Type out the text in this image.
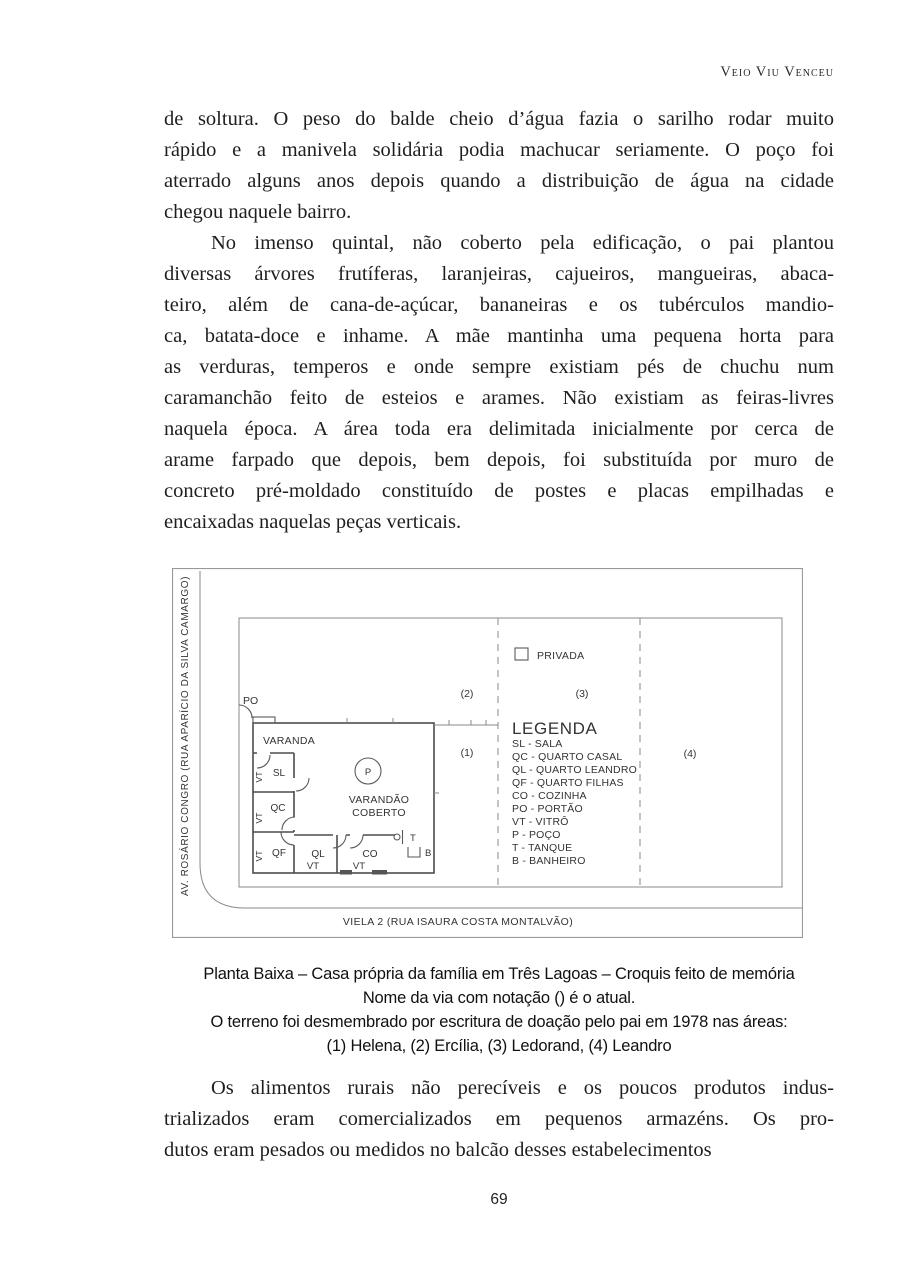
Veio Viu Venceu
de soltura. O peso do balde cheio d’água fazia o sarilho rodar muito
rápido e a manivela solidária podia machucar seriamente. O poço foi
aterrado alguns anos depois quando a distribuição de água na cidade
chegou naquele bairro.
No imenso quintal, não coberto pela edificação, o pai plantou
diversas árvores frutíferas, laranjeiras, cajueiros, mangueiras, abaca-
teiro, além de cana-de-açúcar, bananeiras e os tubérculos mandio-
ca, batata-doce e inhame. A mãe mantinha uma pequena horta para
as verduras, temperos e onde sempre existiam pés de chuchu num
caramanchão feito de esteios e arames. Não existiam as feiras-livres
naquela época. A área toda era delimitada inicialmente por cerca de
arame farpado que depois, bem depois, foi substituída por muro de
concreto pré-moldado constituído de postes e placas empilhadas e
encaixadas naquelas peças verticais.
AV. ROSÁRIO CONGRO (RUA APARÍCIO DA SILVA CAMARGO)
VIELA 2 (RUA ISAURA COSTA MONTALVÃO)
(2)	(3)
(1)	(4)
PRIVADA
LEGENDA
SL - SALA
QC - QUARTO CASAL
QL - QUARTO LEANDRO
QF - QUARTO FILHAS
CO - COZINHA
PO - PORTÃO
VT - VITRÔ
P - POÇO
T - TANQUE
B - BANHEIRO
PO
P
T
B
VARANDA
VARANDÃO
COBERTO
SL
QC
QF	QL	CO
VT
VT
VT
VT	VT
Planta Baixa – Casa própria da família em Três Lagoas – Croquis feito de memória
Nome da via com notação () é o atual.
O terreno foi desmembrado por escritura de doação pelo pai em 1978 nas áreas:
(1) Helena, (2) Ercília, (3) Ledorand, (4) Leandro
Os alimentos rurais não perecíveis e os poucos produtos indus-
trializados eram comercializados em pequenos armazéns. Os pro-
dutos eram pesados ou medidos no balcão desses estabelecimentos
69
